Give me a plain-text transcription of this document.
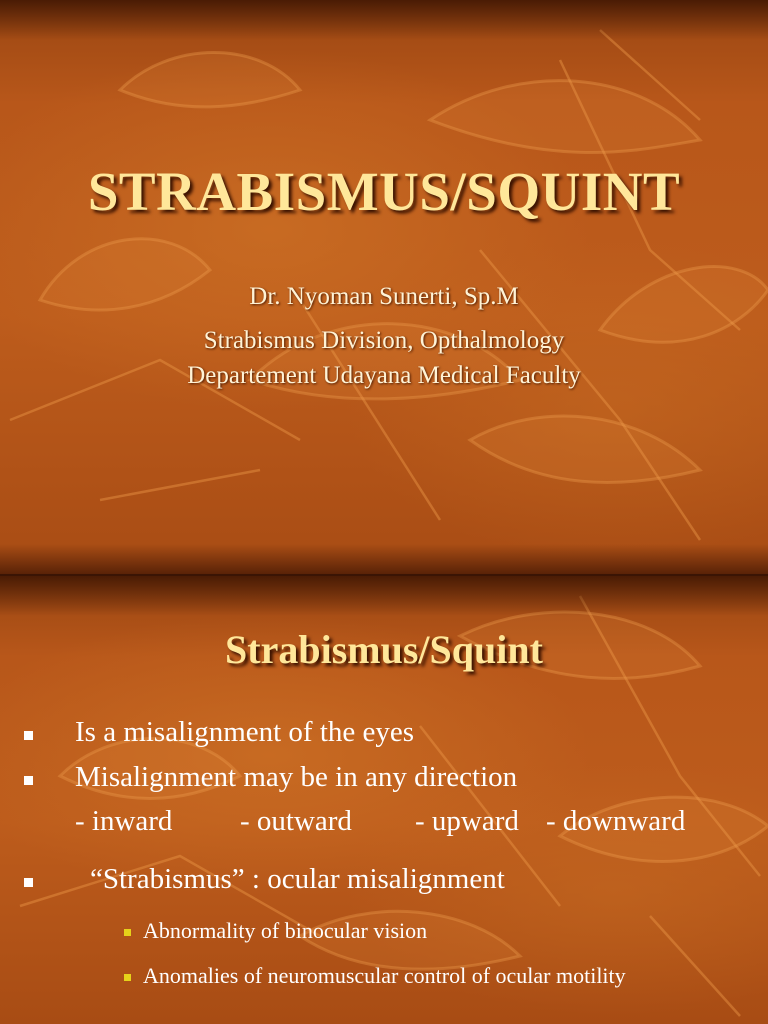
STRABISMUS/SQUINT
Dr. Nyoman Sunerti, Sp.M
Strabismus Division, Opthalmology
Departement Udayana Medical Faculty
Strabismus/Squint
Is a misalignment of the eyes
Misalignment may be in any direction
- inward - outward - upward - downward
“Strabismus” : ocular misalignment
Abnormality of binocular vision
Anomalies of neuromuscular control of ocular motility
